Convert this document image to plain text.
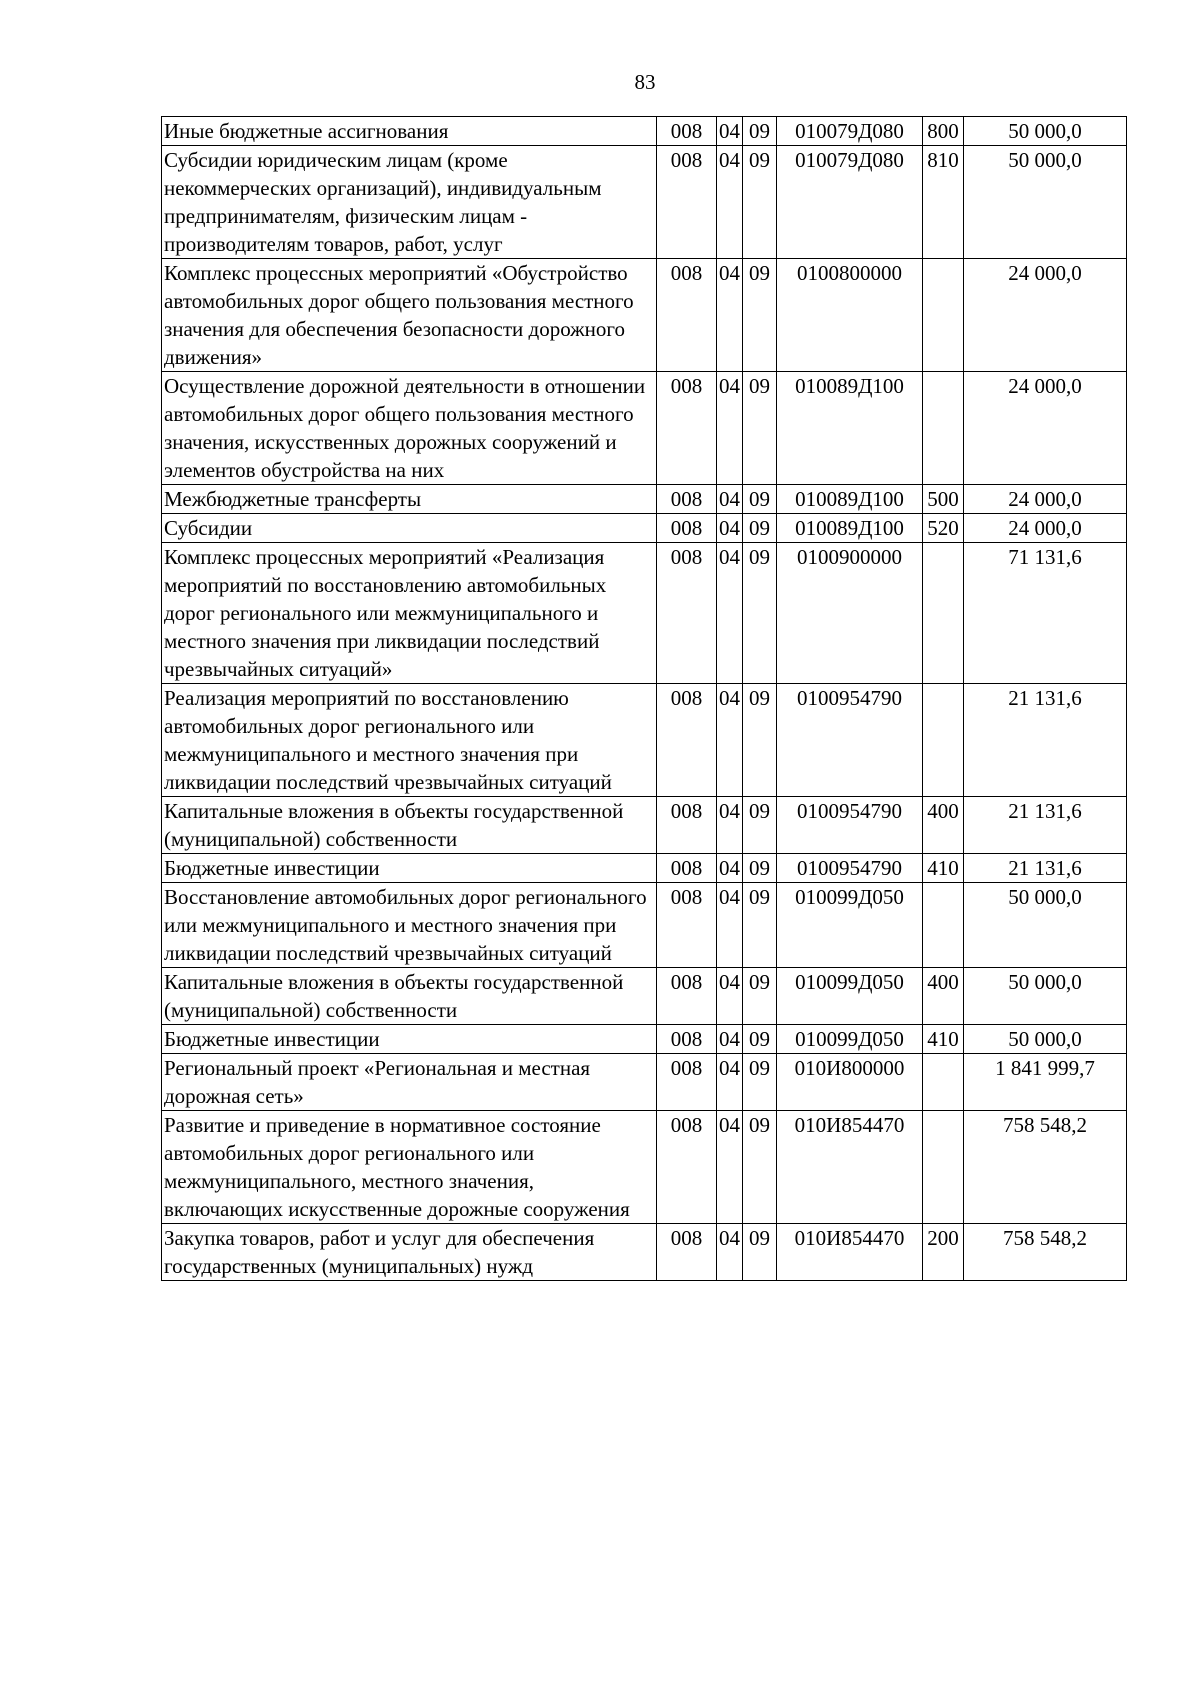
83
Иные бюджетные ассигнования	008	04	09	010079Д080	800	50 000,0
Субсидии юридическим лицам (кроме некоммерческих организаций), индивидуальным предпринимателям, физическим лицам - производителям товаров, работ, услуг	008	04	09	010079Д080	810	50 000,0
Комплекс процессных мероприятий «Обустройство автомобильных дорог общего пользования местного значения для обеспечения безопасности дорожного движения»	008	04	09	0100800000		24 000,0
Осуществление дорожной деятельности в отношении автомобильных дорог общего пользования местного значения, искусственных дорожных сооружений и элементов обустройства на них	008	04	09	010089Д100		24 000,0
Межбюджетные трансферты	008	04	09	010089Д100	500	24 000,0
Субсидии	008	04	09	010089Д100	520	24 000,0
Комплекс процессных мероприятий «Реализация мероприятий по восстановлению автомобильных дорог регионального или межмуниципального и местного значения при ликвидации последствий чрезвычайных ситуаций»	008	04	09	0100900000		71 131,6
Реализация мероприятий по восстановлению автомобильных дорог регионального или межмуниципального и местного значения при ликвидации последствий чрезвычайных ситуаций	008	04	09	0100954790		21 131,6
Капитальные вложения в объекты государственной (муниципальной) собственности	008	04	09	0100954790	400	21 131,6
Бюджетные инвестиции	008	04	09	0100954790	410	21 131,6
Восстановление автомобильных дорог регионального или межмуниципального и местного значения при ликвидации последствий чрезвычайных ситуаций	008	04	09	010099Д050		50 000,0
Капитальные вложения в объекты государственной (муниципальной) собственности	008	04	09	010099Д050	400	50 000,0
Бюджетные инвестиции	008	04	09	010099Д050	410	50 000,0
Региональный проект «Региональная и местная дорожная сеть»	008	04	09	010И800000		1 841 999,7
Развитие и приведение в нормативное состояние автомобильных дорог регионального или межмуниципального, местного значения, включающих искусственные дорожные сооружения	008	04	09	010И854470		758 548,2
Закупка товаров, работ и услуг для обеспечения государственных (муниципальных) нужд	008	04	09	010И854470	200	758 548,2
